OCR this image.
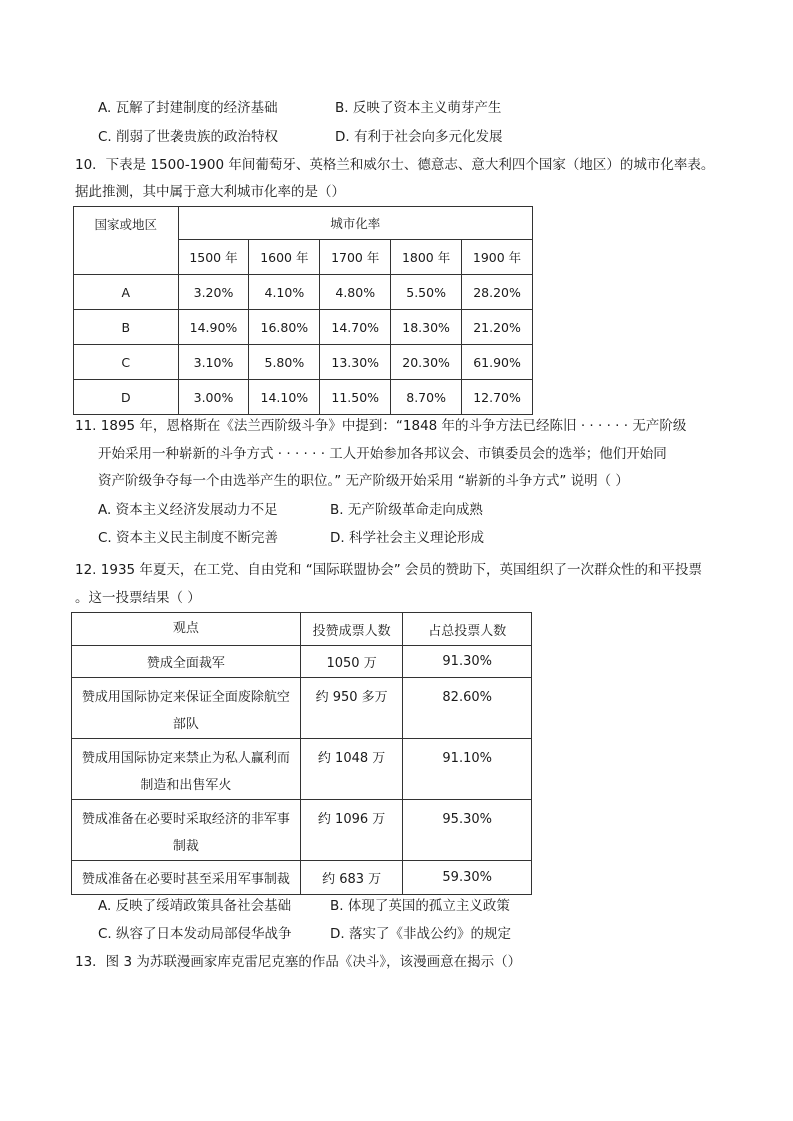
A. 瓦解了封建制度的经济基础	B. 反映了资本主义萌芽产生
C. 削弱了世袭贵族的政治特权	D. 有利于社会向多元化发展
10．下表是 1500-1900 年间葡萄牙、英格兰和威尔士、德意志、意大利四个国家（地区）的城市化率表。
据此推测，其中属于意大利城市化率的是（）
国家或地区	城市化率				
	1500 年	1600 年	1700 年	1800 年	1900 年
A	3.20%	4.10%	4.80%	5.50%	28.20%
B	14.90%	16.80%	14.70%	18.30%	21.20%
C	3.10%	5.80%	13.30%	20.30%	61.90%
D	3.00%	14.10%	11.50%	8.70%	12.70%
11. 1895 年，恩格斯在《法兰西阶级斗争》中提到：“1848 年的斗争方法已经陈旧 · · · · · · 无产阶级
开始采用一种崭新的斗争方式 · · · · · · 工人开始参加各邦议会、市镇委员会的选举；他们开始同
资产阶级争夺每一个由选举产生的职位。” 无产阶级开始采用 “崭新的斗争方式” 说明（ ）
A. 资本主义经济发展动力不足	B. 无产阶级革命走向成熟
C. 资本主义民主制度不断完善	D. 科学社会主义理论形成
12. 1935 年夏天，在工党、自由党和 “国际联盟协会” 会员的赞助下，英国组织了一次群众性的和平投票
。这一投票结果（ ）
观点	投赞成票人数	占总投票人数
赞成全面裁军	1050 万	91.30%

赞成用国际协定来保证全面废除航空
部队	约 950 多万	82.60%

赞成用国际协定来禁止为私人赢利而
制造和出售军火	约 1048 万	91.10%

赞成准备在必要时采取经济的非军事
制裁	约 1096 万	95.30%
赞成准备在必要时甚至采用军事制裁	约 683 万	59.30%
A. 反映了绥靖政策具备社会基础	B. 体现了英国的孤立主义政策
C. 纵容了日本发动局部侵华战争	D. 落实了《非战公约》的规定
13．图 3 为苏联漫画家库克雷尼克塞的作品《决斗》，该漫画意在揭示（）
